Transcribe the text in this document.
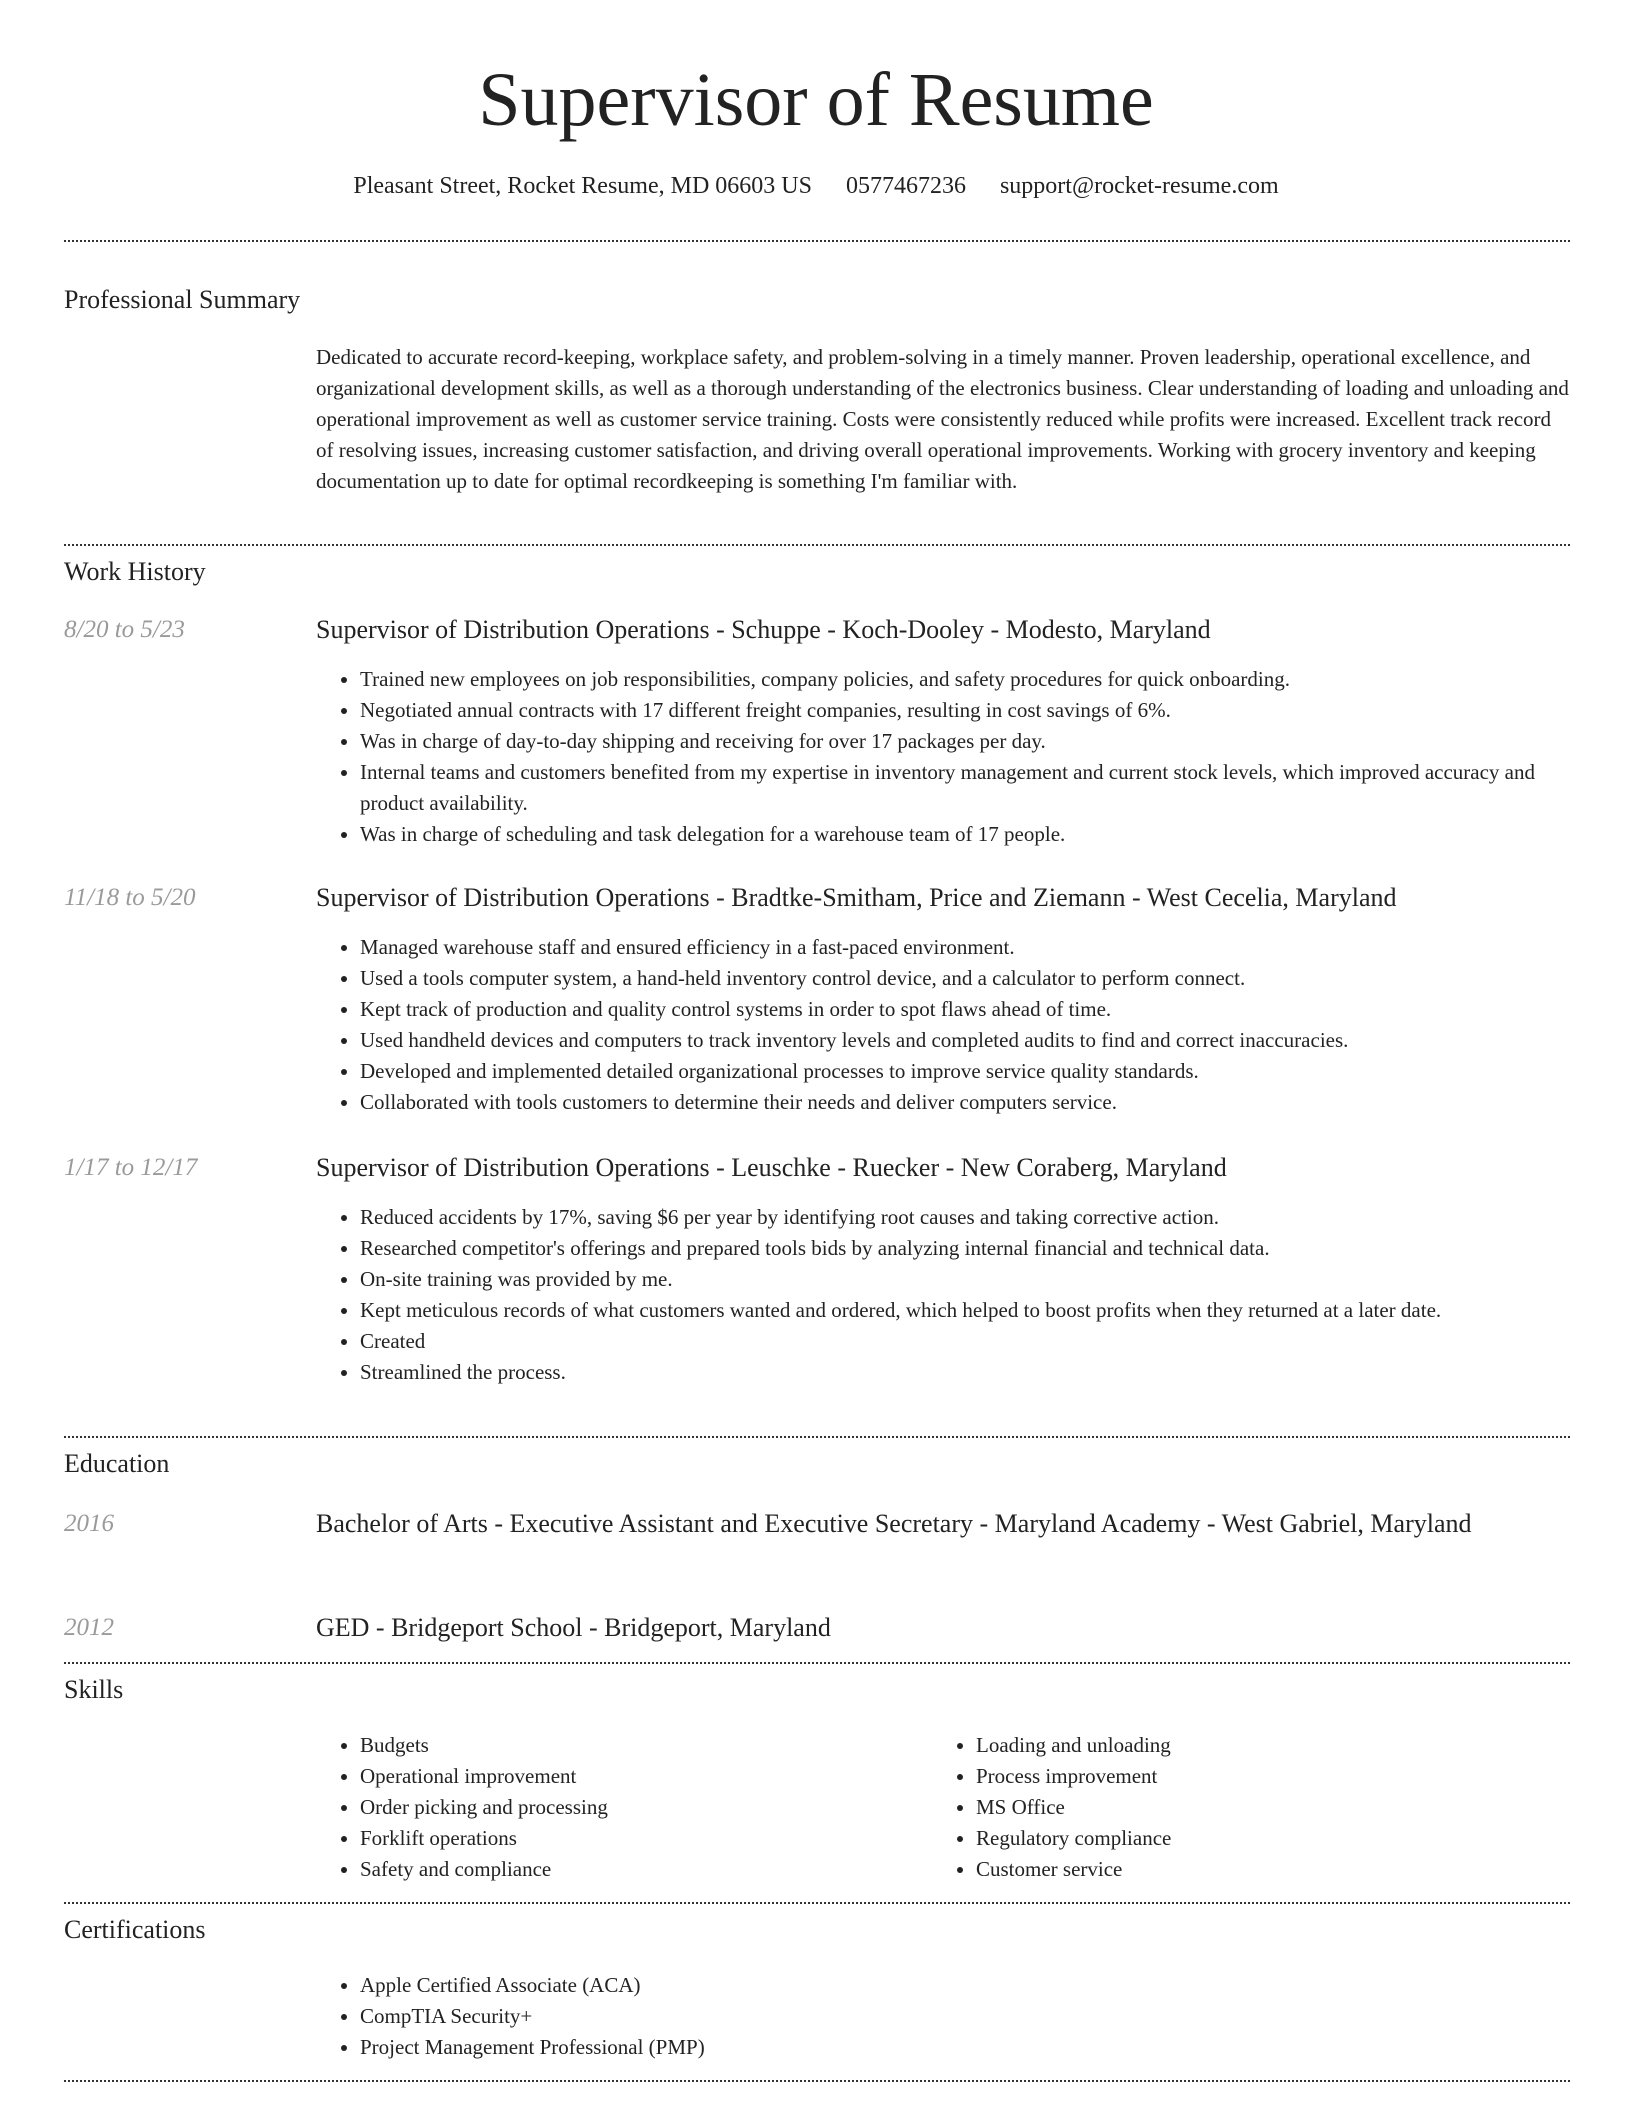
Supervisor of Resume
Pleasant Street, Rocket Resume, MD 06603 US 0577467236 support@rocket-resume.com
Professional Summary

Dedicated to accurate record-keeping, workplace safety, and problem-solving in a timely manner. Proven leadership, operational excellence, and organizational development skills, as well as a thorough understanding of the electronics business. Clear understanding of loading and unloading and operational improvement as well as customer service training. Costs were consistently reduced while profits were increased. Excellent track record of resolving issues, increasing customer satisfaction, and driving overall operational improvements. Working with grocery inventory and keeping documentation up to date for optimal recordkeeping is something I'm familiar with.

Work History
8/20 to 5/23	Supervisor of Distribution Operations - Schuppe - Koch-Dooley - Modesto, Maryland
• Trained new employees on job responsibilities, company policies, and safety procedures for quick onboarding.
• Negotiated annual contracts with 17 different freight companies, resulting in cost savings of 6%.
• Was in charge of day-to-day shipping and receiving for over 17 packages per day.
• Internal teams and customers benefited from my expertise in inventory management and current stock levels, which improved accuracy and product availability.
• Was in charge of scheduling and task delegation for a warehouse team of 17 people.
11/18 to 5/20	Supervisor of Distribution Operations - Bradtke-Smitham, Price and Ziemann - West Cecelia, Maryland
• Managed warehouse staff and ensured efficiency in a fast-paced environment.
• Used a tools computer system, a hand-held inventory control device, and a calculator to perform connect.
• Kept track of production and quality control systems in order to spot flaws ahead of time.
• Used handheld devices and computers to track inventory levels and completed audits to find and correct inaccuracies.
• Developed and implemented detailed organizational processes to improve service quality standards.
• Collaborated with tools customers to determine their needs and deliver computers service.
1/17 to 12/17	Supervisor of Distribution Operations - Leuschke - Ruecker - New Coraberg, Maryland
• Reduced accidents by 17%, saving $6 per year by identifying root causes and taking corrective action.
• Researched competitor's offerings and prepared tools bids by analyzing internal financial and technical data.
• On-site training was provided by me.
• Kept meticulous records of what customers wanted and ordered, which helped to boost profits when they returned at a later date.
• Created
• Streamlined the process.
Education
2016	Bachelor of Arts - Executive Assistant and Executive Secretary - Maryland Academy - West Gabriel, Maryland
2012	GED - Bridgeport School - Bridgeport, Maryland
Skills
• Budgets
• Operational improvement
• Order picking and processing
• Forklift operations
• Safety and compliance
• Loading and unloading
• Process improvement
• MS Office
• Regulatory compliance
• Customer service
Certifications
• Apple Certified Associate (ACA)
• CompTIA Security+
• Project Management Professional (PMP)
